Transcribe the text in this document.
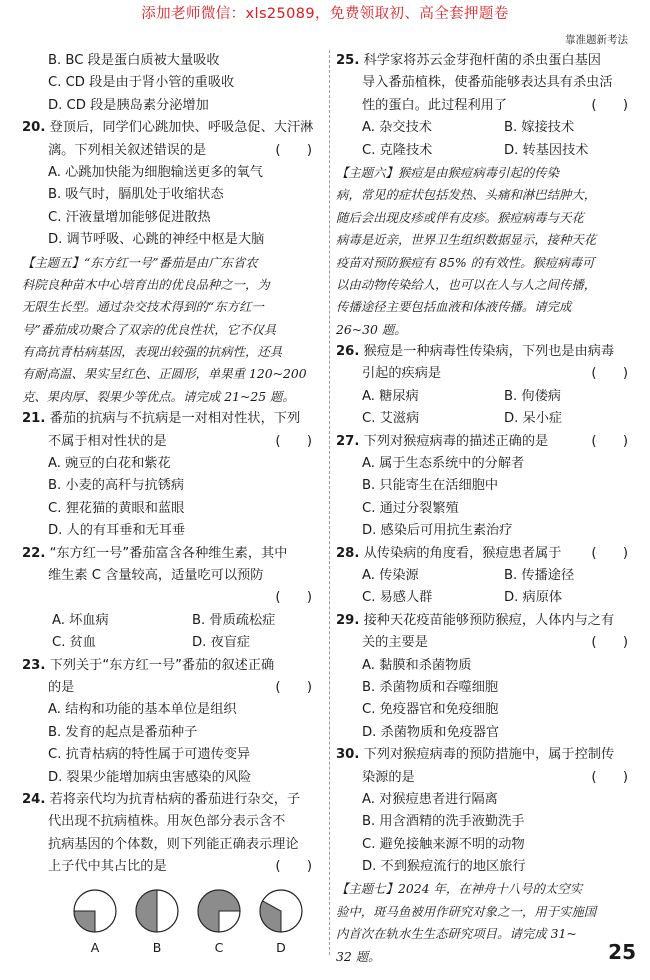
添加老师微信：xls25089，免费领取初、高全套押题卷
靠准题新考法
B. BC 段是蛋白质被大量吸收
C. CD 段是由于肾小管的重吸收
D. CD 段是胰岛素分泌增加
20. 登顶后，同学们心跳加快、呼吸急促、大汗淋
漓。下列相关叙述错误的是	(　　)
A. 心跳加快能为细胞输送更多的氧气
B. 吸气时，膈肌处于收缩状态
C. 汗液量增加能够促进散热
D. 调节呼吸、心跳的神经中枢是大脑
【主题五】“东方红一号”番茄是由广东省农
科院良种苗木中心培育出的优良品种之一，为
无限生长型。通过杂交技术得到的“东方红一
号”番茄成功聚合了双亲的优良性状，它不仅具
有高抗青枯病基因，表现出较强的抗病性，还具
有耐高温、果实呈红色、正圆形，单果重 120~200
克、果肉厚、裂果少等优点。请完成 21~25 题。
21. 番茄的抗病与不抗病是一对相对性状，下列
不属于相对性状的是	(　　)
A. 豌豆的白花和紫花
B. 小麦的高秆与抗锈病
C. 狸花猫的黄眼和蓝眼
D. 人的有耳垂和无耳垂
22. “东方红一号”番茄富含各种维生素，其中
维生素 C 含量较高，适量吃可以预防
(　　)
A. 坏血病	B. 骨质疏松症
C. 贫血	D. 夜盲症
23. 下列关于“东方红一号”番茄的叙述正确
的是	(　　)
A. 结构和功能的基本单位是组织
B. 发育的起点是番茄种子
C. 抗青枯病的特性属于可遗传变异
D. 裂果少能增加病虫害感染的风险
24. 若将亲代均为抗青枯病的番茄进行杂交，子
代出现不抗病植株。用灰色部分表示含不
抗病基因的个体数，则下列能正确表示理论
上子代中其占比的是	(　　)
A	B	C	D
25. 科学家将苏云金芽孢杆菌的杀虫蛋白基因
导入番茄植株，使番茄能够表达具有杀虫活
性的蛋白。此过程利用了	(　　)
A. 杂交技术	B. 嫁接技术
C. 克隆技术	D. 转基因技术
【主题六】猴痘是由猴痘病毒引起的传染
病，常见的症状包括发热、头痛和淋巴结肿大，
随后会出现皮疹或伴有皮疹。猴痘病毒与天花
病毒是近亲，世界卫生组织数据显示，接种天花
疫苗对预防猴痘有 85% 的有效性。猴痘病毒可
以由动物传染给人，也可以在人与人之间传播，
传播途径主要包括血液和体液传播。请完成
26~30 题。
26. 猴痘是一种病毒性传染病，下列也是由病毒
引起的疾病是	(　　)
A. 糖尿病	B. 佝偻病
C. 艾滋病	D. 呆小症
27. 下列对猴痘病毒的描述正确的是	(　　)
A. 属于生态系统中的分解者
B. 只能寄生在活细胞中
C. 通过分裂繁殖
D. 感染后可用抗生素治疗
28. 从传染病的角度看，猴痘患者属于 (　　)
A. 传染源	B. 传播途径
C. 易感人群	D. 病原体
29. 接种天花疫苗能够预防猴痘，人体内与之有
关的主要是	(　　)
A. 黏膜和杀菌物质
B. 杀菌物质和吞噬细胞
C. 免疫器官和免疫细胞
D. 杀菌物质和免疫器官
30. 下列对猴痘病毒的预防措施中，属于控制传
染源的是	(　　)
A. 对猴痘患者进行隔离
B. 用含酒精的洗手液勤洗手
C. 避免接触来源不明的动物
D. 不到猴痘流行的地区旅行
【主题七】2024 年，在神舟十八号的太空实
验中，斑马鱼被用作研究对象之一，用于实施国
内首次在轨水生生态研究项目。请完成 31~
32 题。	25
